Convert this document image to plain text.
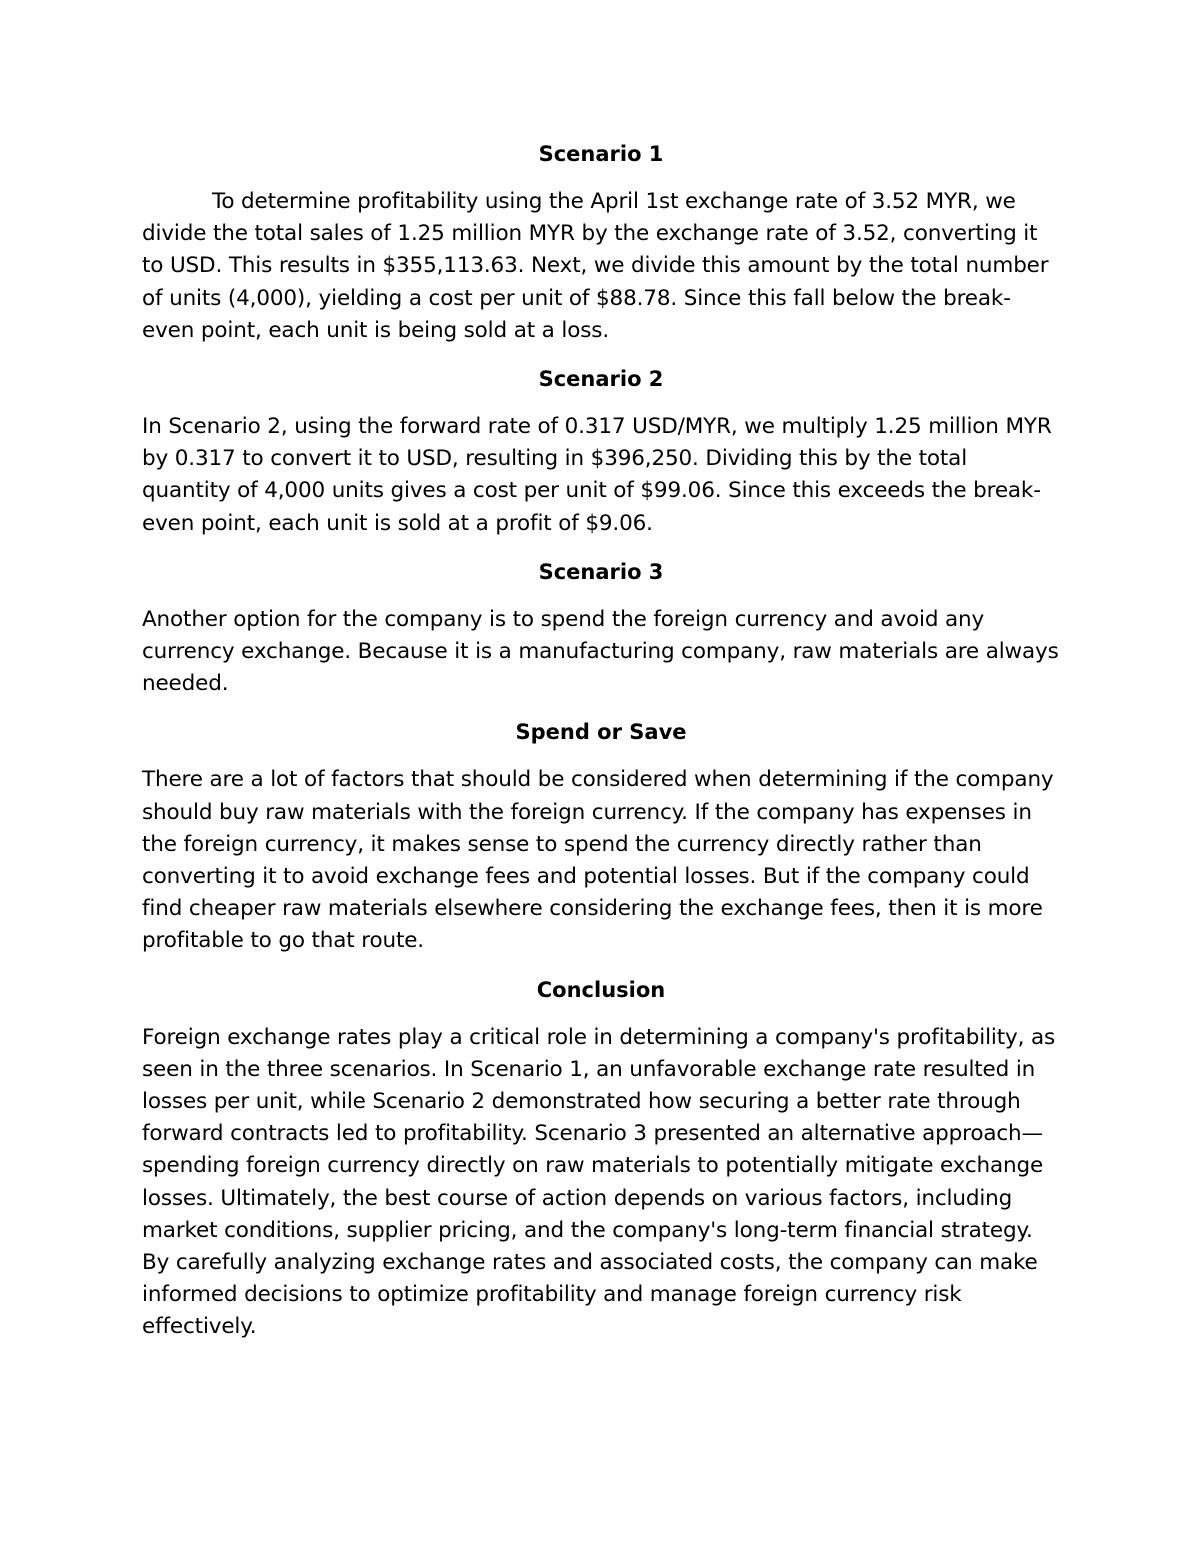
Scenario 1

To determine profitability using the April 1st exchange rate of 3.52 MYR, we divide the total sales of 1.25 million MYR by the exchange rate of 3.52, converting it to USD. This results in $355,113.63. Next, we divide this amount by the total number of units (4,000), yielding a cost per unit of $88.78. Since this fall below the break-even point, each unit is being sold at a loss.

Scenario 2

In Scenario 2, using the forward rate of 0.317 USD/MYR, we multiply 1.25 million MYR by 0.317 to convert it to USD, resulting in $396,250. Dividing this by the total quantity of 4,000 units gives a cost per unit of $99.06. Since this exceeds the break-even point, each unit is sold at a profit of $9.06.

Scenario 3

Another option for the company is to spend the foreign currency and avoid any currency exchange. Because it is a manufacturing company, raw materials are always needed.

Spend or Save

There are a lot of factors that should be considered when determining if the company should buy raw materials with the foreign currency. If the company has expenses in the foreign currency, it makes sense to spend the currency directly rather than converting it to avoid exchange fees and potential losses. But if the company could find cheaper raw materials elsewhere considering the exchange fees, then it is more profitable to go that route.

Conclusion

Foreign exchange rates play a critical role in determining a company's profitability, as seen in the three scenarios. In Scenario 1, an unfavorable exchange rate resulted in losses per unit, while Scenario 2 demonstrated how securing a better rate through forward contracts led to profitability. Scenario 3 presented an alternative approach—spending foreign currency directly on raw materials to potentially mitigate exchange losses. Ultimately, the best course of action depends on various factors, including market conditions, supplier pricing, and the company's long-term financial strategy. By carefully analyzing exchange rates and associated costs, the company can make informed decisions to optimize profitability and manage foreign currency risk effectively.
